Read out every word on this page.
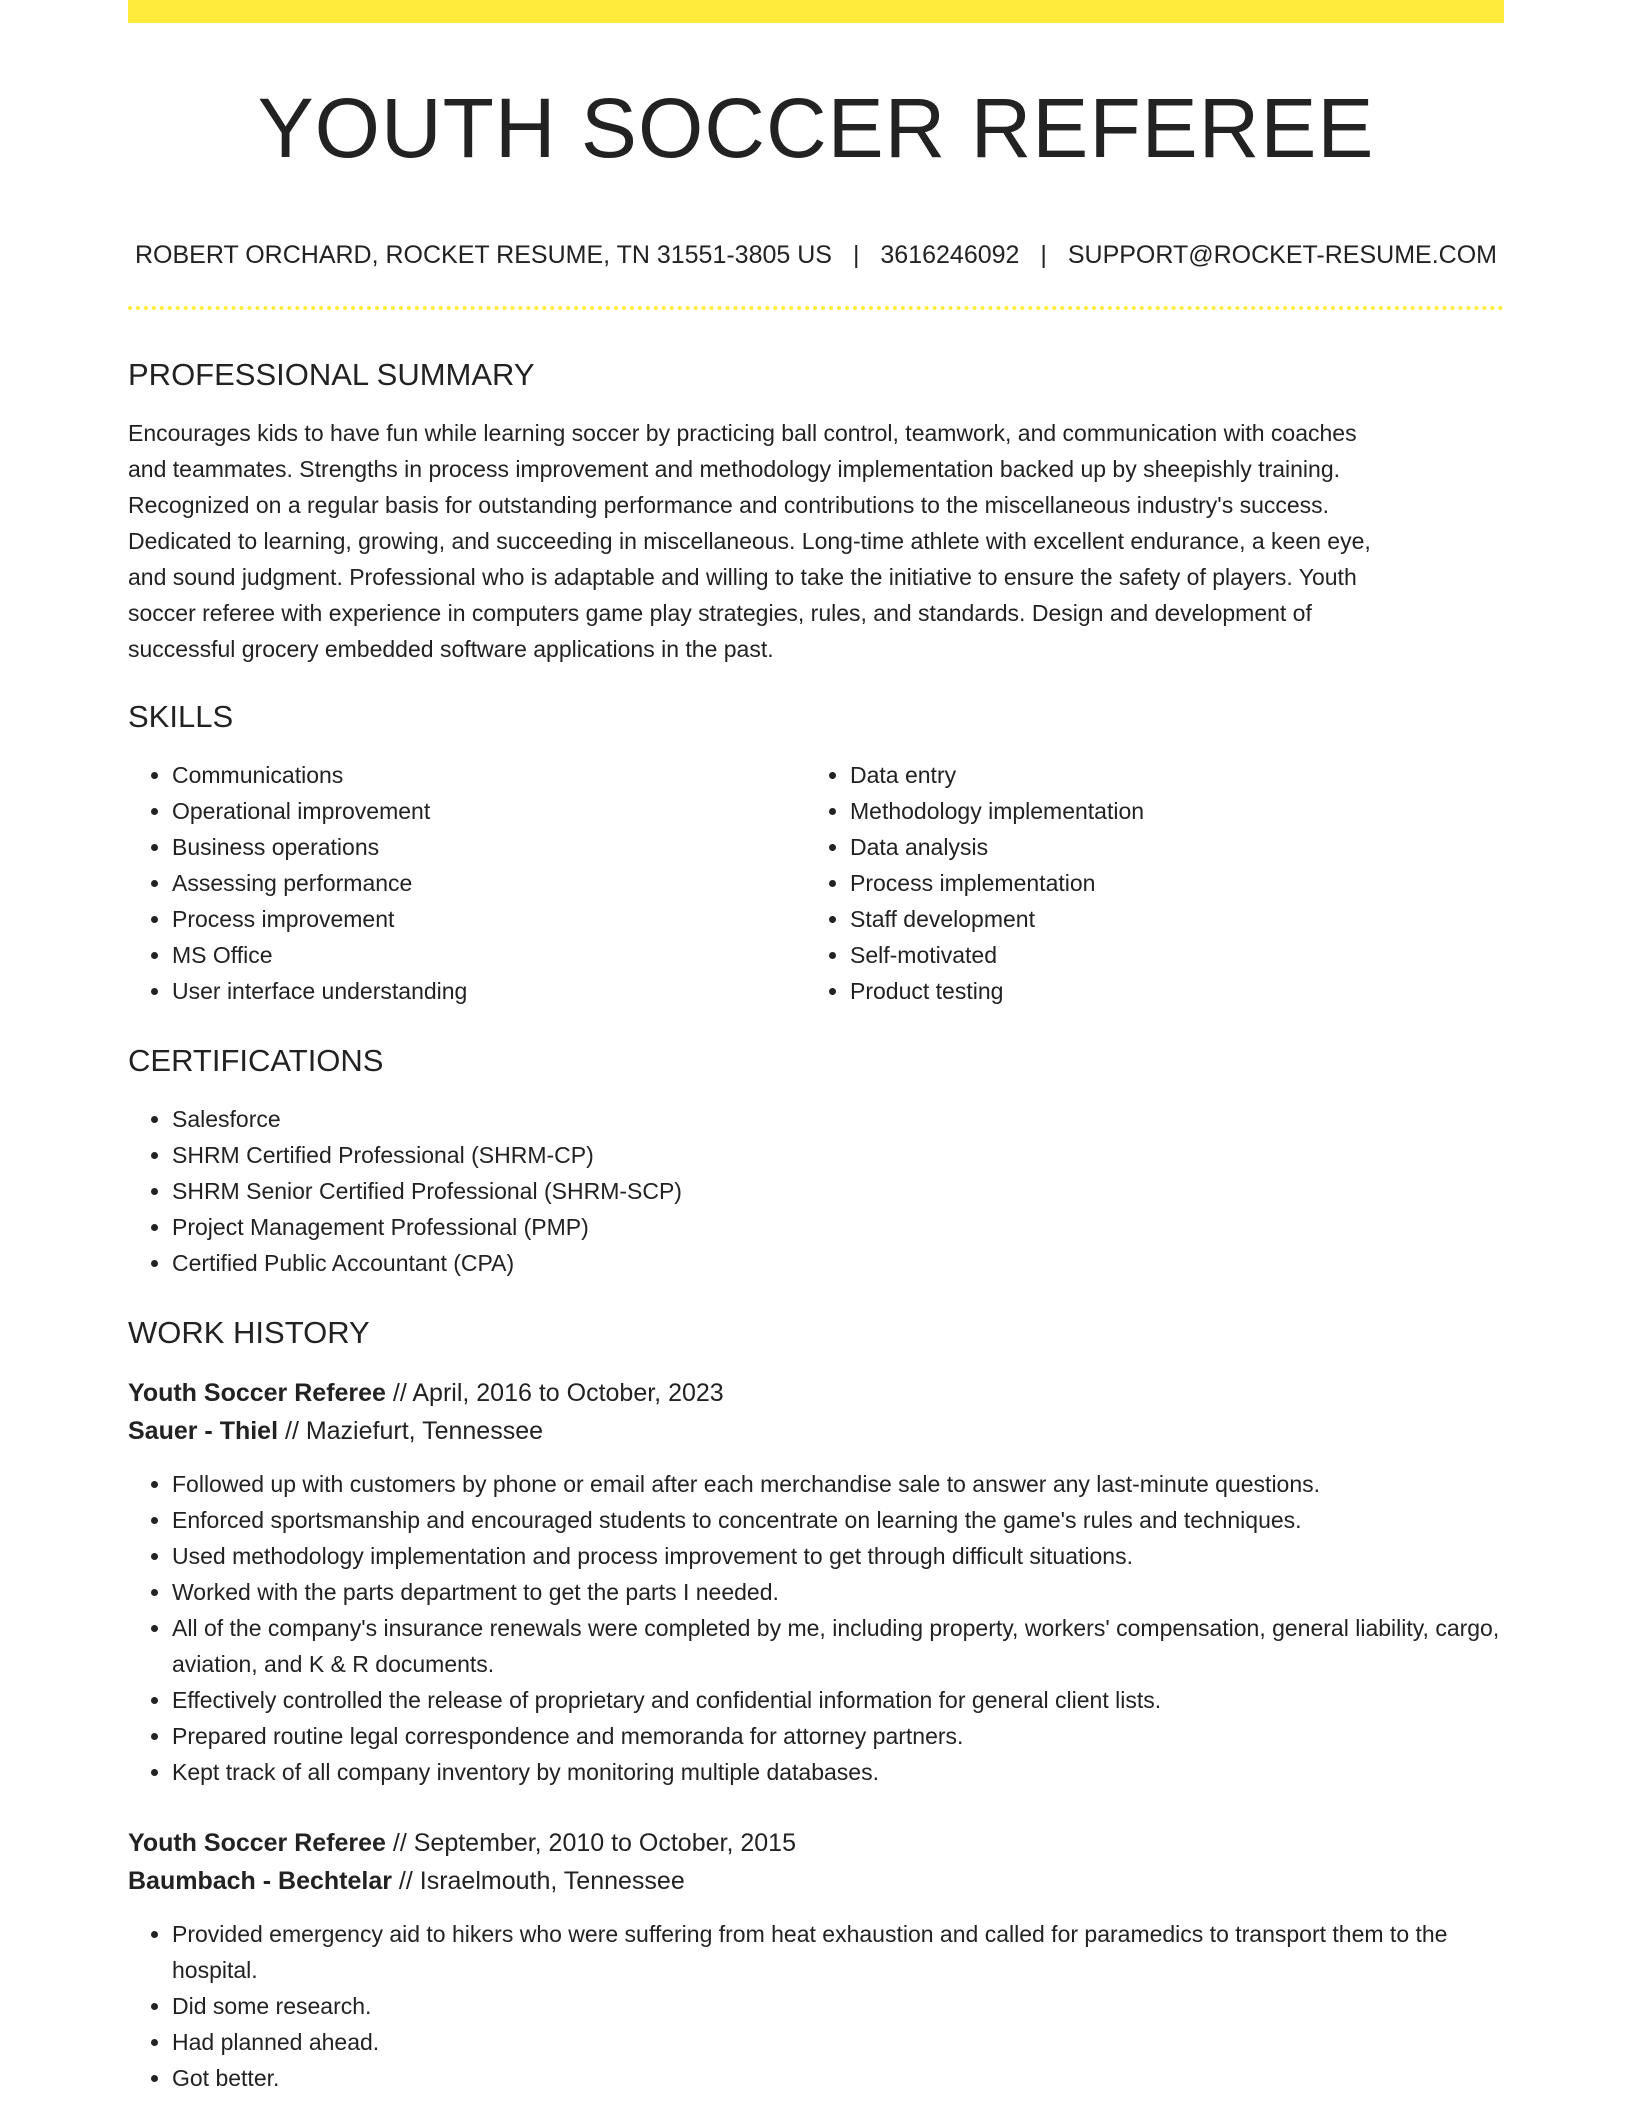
YOUTH SOCCER REFEREE
ROBERT ORCHARD, ROCKET RESUME, TN 31551-3805 US | 3616246092 | SUPPORT@ROCKET-RESUME.COM
PROFESSIONAL SUMMARY
Encourages kids to have fun while learning soccer by practicing ball control, teamwork, and communication with coaches
and teammates. Strengths in process improvement and methodology implementation backed up by sheepishly training.
Recognized on a regular basis for outstanding performance and contributions to the miscellaneous industry's success.
Dedicated to learning, growing, and succeeding in miscellaneous. Long-time athlete with excellent endurance, a keen eye,
and sound judgment. Professional who is adaptable and willing to take the initiative to ensure the safety of players. Youth
soccer referee with experience in computers game play strategies, rules, and standards. Design and development of
successful grocery embedded software applications in the past.
SKILLS
• Communications
• Operational improvement
• Business operations
• Assessing performance
• Process improvement
• MS Office
• User interface understanding
• Data entry
• Methodology implementation
• Data analysis
• Process implementation
• Staff development
• Self-motivated
• Product testing
CERTIFICATIONS
• Salesforce
• SHRM Certified Professional (SHRM-CP)
• SHRM Senior Certified Professional (SHRM-SCP)
• Project Management Professional (PMP)
• Certified Public Accountant (CPA)
WORK HISTORY
Youth Soccer Referee // April, 2016 to October, 2023
Sauer - Thiel // Maziefurt, Tennessee
• Followed up with customers by phone or email after each merchandise sale to answer any last-minute questions.
• Enforced sportsmanship and encouraged students to concentrate on learning the game's rules and techniques.
• Used methodology implementation and process improvement to get through difficult situations.
• Worked with the parts department to get the parts I needed.
• All of the company's insurance renewals were completed by me, including property, workers' compensation, general liability, cargo, aviation, and K & R documents.
• Effectively controlled the release of proprietary and confidential information for general client lists.
• Prepared routine legal correspondence and memoranda for attorney partners.
• Kept track of all company inventory by monitoring multiple databases.
Youth Soccer Referee // September, 2010 to October, 2015
Baumbach - Bechtelar // Israelmouth, Tennessee
• Provided emergency aid to hikers who were suffering from heat exhaustion and called for paramedics to transport them to the hospital.
• Did some research.
• Had planned ahead.
• Got better.
